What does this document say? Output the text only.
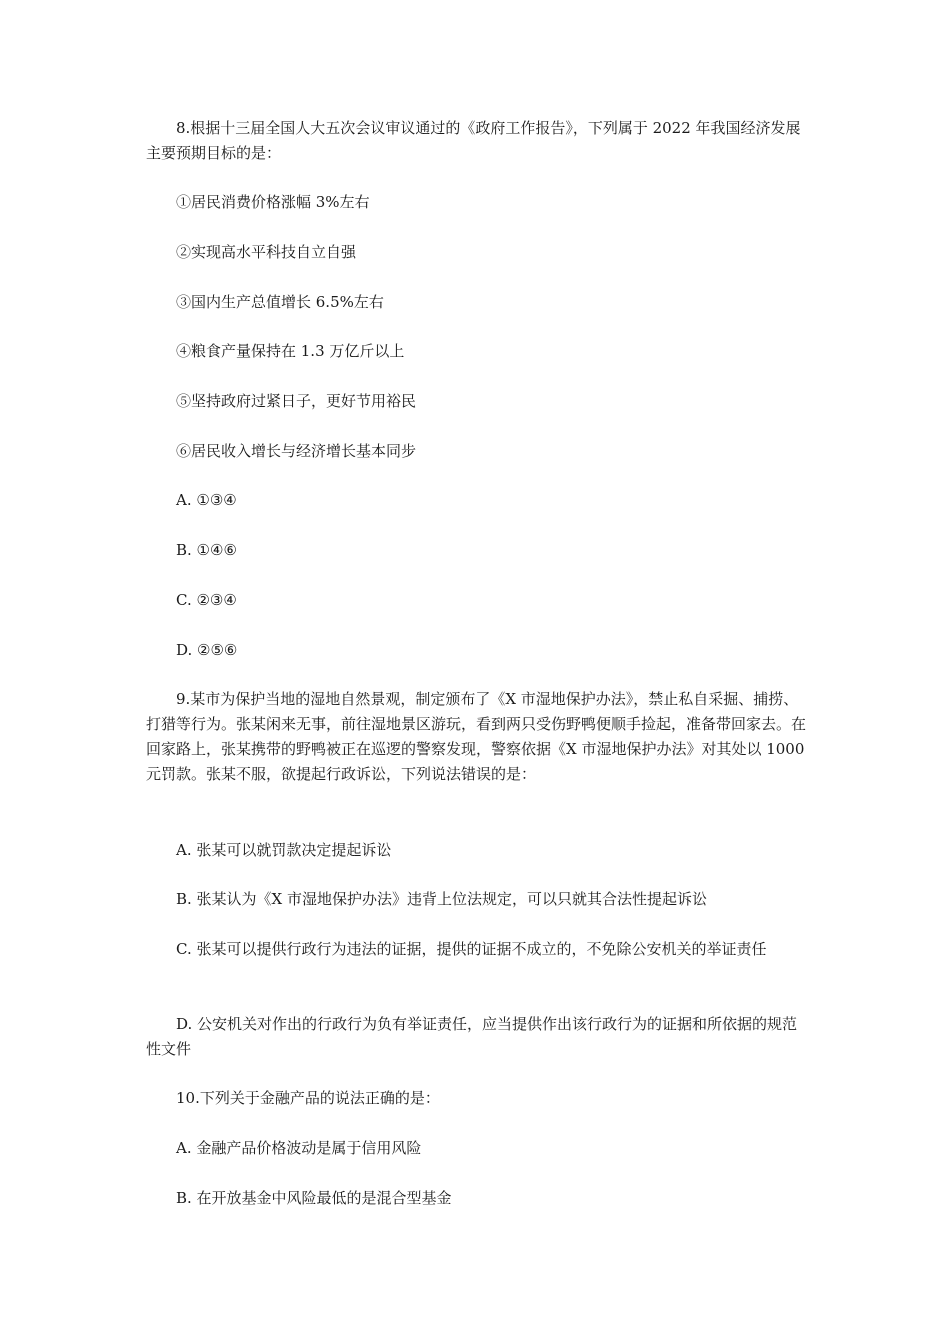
8.根据十三届全国人大五次会议审议通过的《政府工作报告》，下列属于 2022 年我国经济发展主要预期目标的是：
①居民消费价格涨幅 3%左右
②实现高水平科技自立自强
③国内生产总值增长 6.5%左右
④粮食产量保持在 1.3 万亿斤以上
⑤坚持政府过紧日子，更好节用裕民
⑥居民收入增长与经济增长基本同步
A. ①③④
B. ①④⑥
C. ②③④
D. ②⑤⑥
9.某市为保护当地的湿地自然景观，制定颁布了《X 市湿地保护办法》，禁止私自采掘、捕捞、打猎等行为。张某闲来无事，前往湿地景区游玩，看到两只受伤野鸭便顺手捡起，准备带回家去。在回家路上，张某携带的野鸭被正在巡逻的警察发现，警察依据《X 市湿地保护办法》对其处以 1000 元罚款。张某不服，欲提起行政诉讼，下列说法错误的是：
A. 张某可以就罚款决定提起诉讼
B. 张某认为《X 市湿地保护办法》违背上位法规定，可以只就其合法性提起诉讼
C. 张某可以提供行政行为违法的证据，提供的证据不成立的，不免除公安机关的举证责任
D. 公安机关对作出的行政行为负有举证责任，应当提供作出该行政行为的证据和所依据的规范性文件
10.下列关于金融产品的说法正确的是：
A. 金融产品价格波动是属于信用风险
B. 在开放基金中风险最低的是混合型基金
